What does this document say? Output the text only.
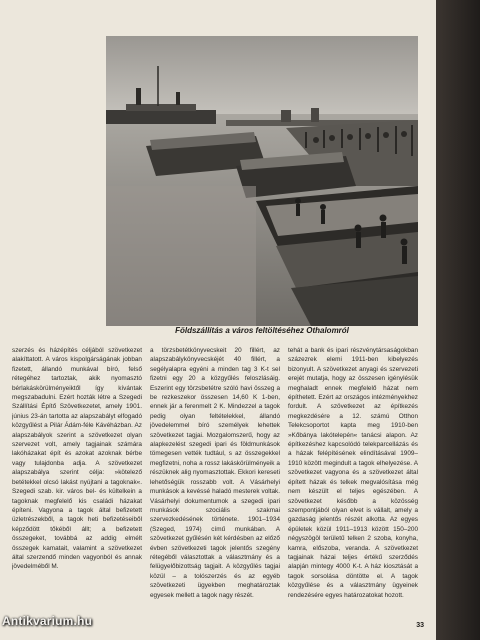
Földszállítás a város feltöltéséhez Othalomról

szerzés és házépítés céljából szövetkezet alakíttatott. A város kispolgárságának jobban fizetett, állandó munkával bíró, felső rétegéhez tartoztak, akik nyomasztó bérlakáskörülményeiktől így kívántak megszabadulni. Ezért hozták létre a Szegedi Szállítási Építő Szövetkezetet, amely 1901. június 23-án tartotta az alapszabályt elfogadó közgyűlést a Pilár Ádám-féle Kávéházban. Az alapszabályok szerint a szövetkezet olyan szervezet volt, amely tagjainak számára lakóházakat épít és azokat azoknak bérbe vagy tulajdonba adja. A szövetkezet alapszabálya szerint célja: »kötelező betétekkel olcsó lakást nyújtani a tagoknak«. Szegedi szab. kir. város bel- és kültelkein a tagoknak megfelelő kis családi házakat építeni. Vagyona a tagok által befizetett üzletrészekből, a tagok heti befizetéseiből képződött tőkéből állt; a befizetett összegeket, továbbá az addig elmélt összegek kamatait, valamint a szövetkezet által szerzendő minden vagyonból és annak jövedelméből M.

a törzsbetétkönyvecskeit 20 fillért, az alapszabálykönyvecskéjét 40 fillért, a segélyalapra egyéni a minden tag 3 K-t sel fizetni egy 20 a közgyűlés feloszlásáig. Eszerint egy törzsbetétre szóló havi összeg a be rezkeszekor összesen 14,60 K 1-ben, ennek jár a ferenmelt 2 K. Mindezzel a tagok pedig olyan feltételekkel, állandó jövedelemmel bíró személyek lehettek szövetkezet tagjai. Mozgalomszerű, hogy az alapkezelést szegedi ipari és földmunkások tömegesen vették tudtául, s az összegekkel megfizetni, noha a rossz lakáskörülményeik a részüknek alig nyomasztottak. Ekkori kereseti lehetőségük rosszabb volt. A Vásárhelyi munkások a kevéssé haladó mesterek voltak. Vásárhelyi dokumentumok a szegedi ipari munkások szociális szakmai szervezkedésének története. 1901–1934 (Szeged, 1974) című munkában. A szövetkezet gyűlésén két kérdésben az előző évben szövetkezeti tagok jelentős szegény rétegéből választottak a választmány és a felügyelőbizottság tagjait. A közgyűlés tagjai közül – a tolószerzés és az egyéb szövetkezeti ügyekben meghatároztak egyesek mellett a tagok nagy részét.

tehát a bank és ipari részvénytársaságokban százezrek elemi 1911-ben kibelyezés bizonyult. A szövetkezet anyagi és szervezeti erejét mutatja, hogy az összesen igénylésük meghaladt ennek megfelelő házat nem építhetett. Ezért az országos intézményekhez fordult. A szövetkezet az építkezés megkezdésére a 12. számú Otthon Telekcsoportot kapta meg 1910-ben »Kőbánya lakótelepén« tanácsi alapon. Az építkezéshez kapcsolódó telekparcellázás és a házak felépítésének elindításával 1909–1910 között megindult a tagok elhelyezése. A szövetkezet vagyona és a szövetkezet által épített házak és telkek megvalósítása még nem készült el teljes egészében. A szövetkezet később a közösség szempontjából olyan elvet is vállalt, amely a gazdaság jelentős részét alkotta. Az egyes épületek közül 1911–1913 között 150–200 négyszögöl területű telken 2 szoba, konyha, kamra, előszoba, veranda. A szövetkezet tagjainak házai teljes értékű szerződés alapján mintegy 4000 K-t. A ház kiosztását a tagok sorsolása döntötte el. A tagok közgyűlése és a választmány ügyeinek rendezésére egyes határozatokat hozott.

33
Antikvarium.hu
